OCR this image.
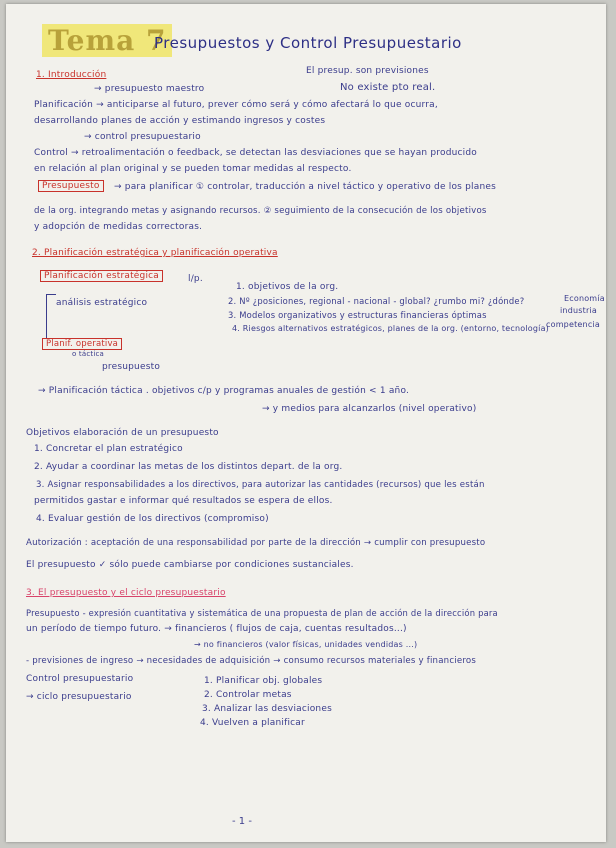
Tema 7
Presupuestos y Control Presupuestario
El presup. son previsiones
No existe pto real.
1. Introducción
→ presupuesto maestro
Planificación → anticiparse al futuro, prever cómo será y cómo afectará lo que ocurra,
desarrollando planes de acción y estimando ingresos y costes
→ control presupuestario
Control → retroalimentación o feedback, se detectan las desviaciones que se hayan producido
en relación al plan original y se pueden tomar medidas al respecto.
Presupuesto	→ para planificar ① controlar, traducción a nivel táctico y operativo de los planes
de la org. integrando metas y asignando recursos. ② seguimiento de la consecución de los objetivos
y adopción de medidas correctoras.
2. Planificación estratégica y planificación operativa
Planificación estratégica	l/p.
1. objetivos de la org.
análisis estratégico	2. Nº ¿posiciones, regional - nacional - global? ¿rumbo mi? ¿dónde?
3. Modelos organizativos y estructuras financieras óptimas
4. Riesgos alternativos estratégicos, planes de la org. (entorno, tecnología)
Economía
industria
competencia
Planif. operativa
o táctica
presupuesto
→ Planificación táctica . objetivos c/p y programas anuales de gestión < 1 año.
→ y medios para alcanzarlos (nivel operativo)
Objetivos elaboración de un presupuesto
1. Concretar el plan estratégico
2. Ayudar a coordinar las metas de los distintos depart. de la org.
3. Asignar responsabilidades a los directivos, para autorizar las cantidades (recursos) que les están
permitidos gastar e informar qué resultados se espera de ellos.
4. Evaluar gestión de los directivos (compromiso)
Autorización : aceptación de una responsabilidad por parte de la dirección → cumplir con presupuesto
El presupuesto ✓ sólo puede cambiarse por condiciones sustanciales.
3. El presupuesto y el ciclo presupuestario
Presupuesto - expresión cuantitativa y sistemática de una propuesta de plan de acción de la dirección para
un período de tiempo futuro. → financieros ( flujos de caja, cuentas resultados...)
→ no financieros (valor físicas, unidades vendidas ...)
- previsiones de ingreso → necesidades de adquisición → consumo recursos materiales y financieros
Control presupuestario
→ ciclo presupuestario
1. Planificar obj. globales
2. Controlar metas
3. Analizar las desviaciones
4. Vuelven a planificar
- 1 -
